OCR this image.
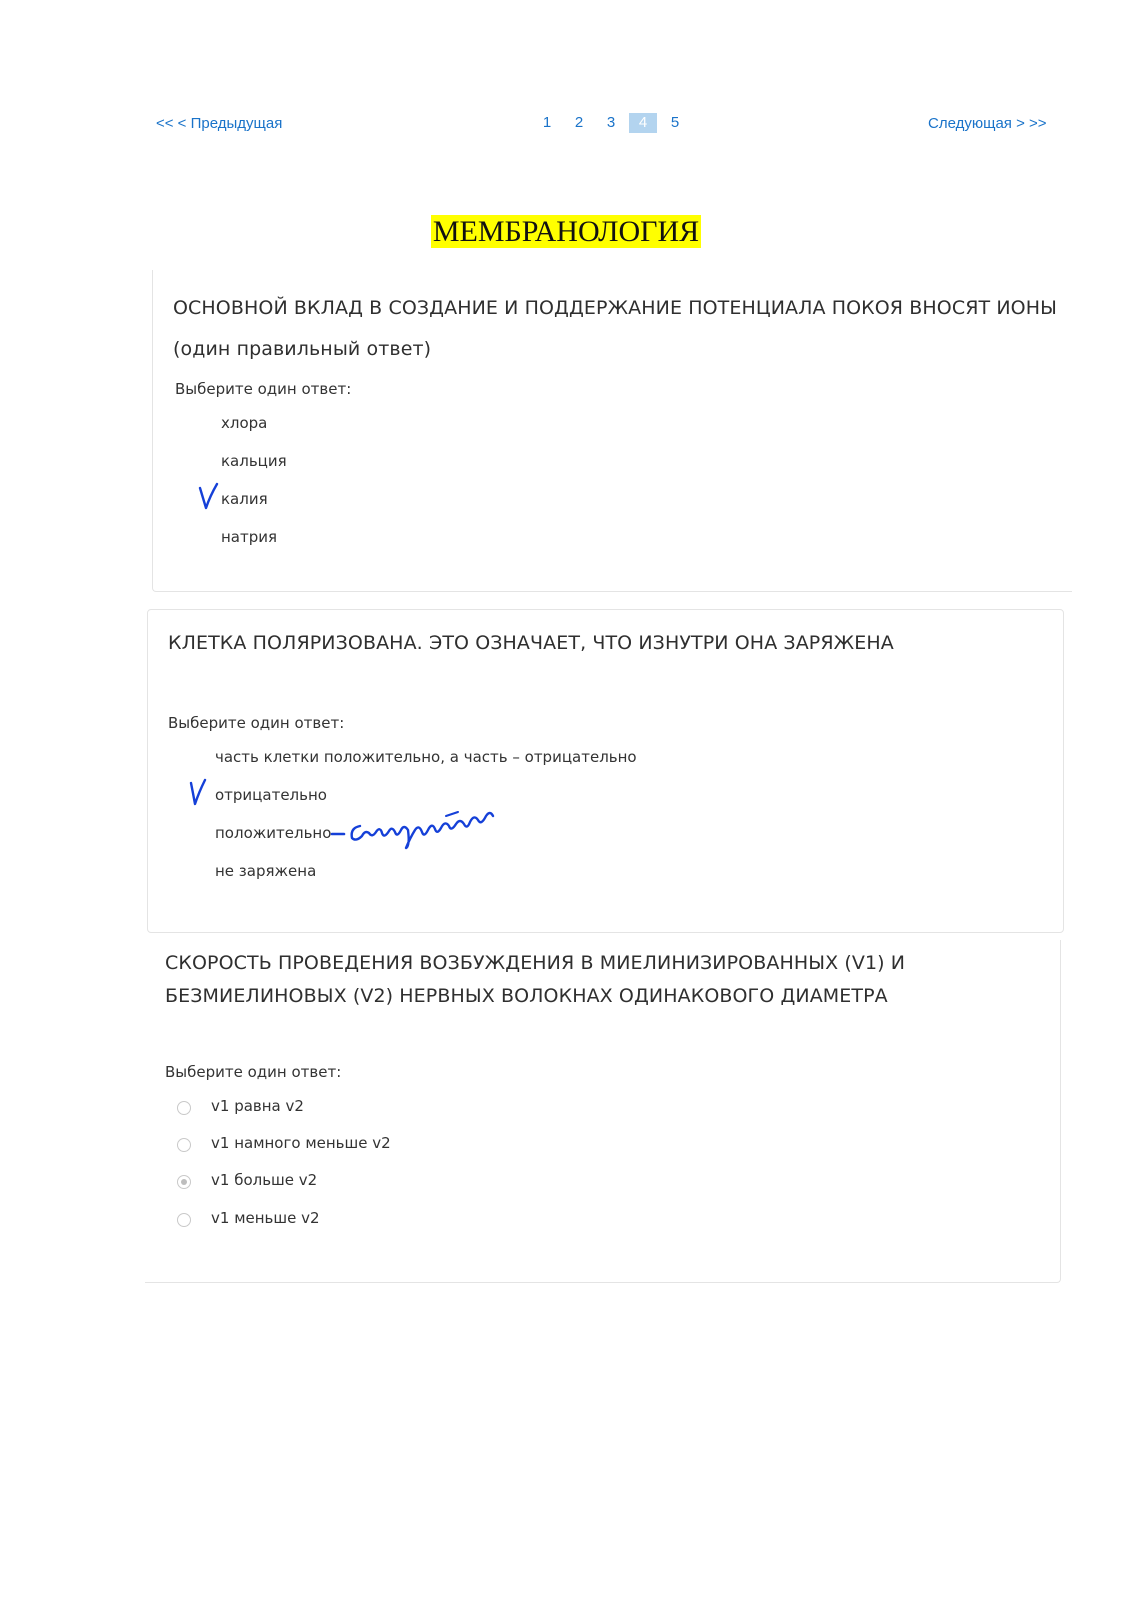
<< < Предыдущая	1	2	3	4	5	Следующая > >>
МЕМБРАНОЛОГИЯ
ОСНОВНОЙ ВКЛАД В СОЗДАНИЕ И ПОДДЕРЖАНИЕ ПОТЕНЦИАЛА ПОКОЯ ВНОСЯТ ИОНЫ
(один правильный ответ)
Выберите один ответ:
хлора
кальция
калия
натрия
КЛЕТКА ПОЛЯРИЗОВАНА. ЭТО ОЗНАЧАЕТ, ЧТО ИЗНУТРИ ОНА ЗАРЯЖЕНА
Выберите один ответ:
часть клетки положительно, а часть – отрицательно
отрицательно
положительно
не заряжена
СКОРОСТЬ ПРОВЕДЕНИЯ ВОЗБУЖДЕНИЯ В МИЕЛИНИЗИРОВАННЫХ (V1) И
БЕЗМИЕЛИНОВЫХ (V2) НЕРВНЫХ ВОЛОКНАХ ОДИНАКОВОГО ДИАМЕТРА
Выберите один ответ:
v1 равна v2
v1 намного меньше v2
v1 больше v2
v1 меньше v2
